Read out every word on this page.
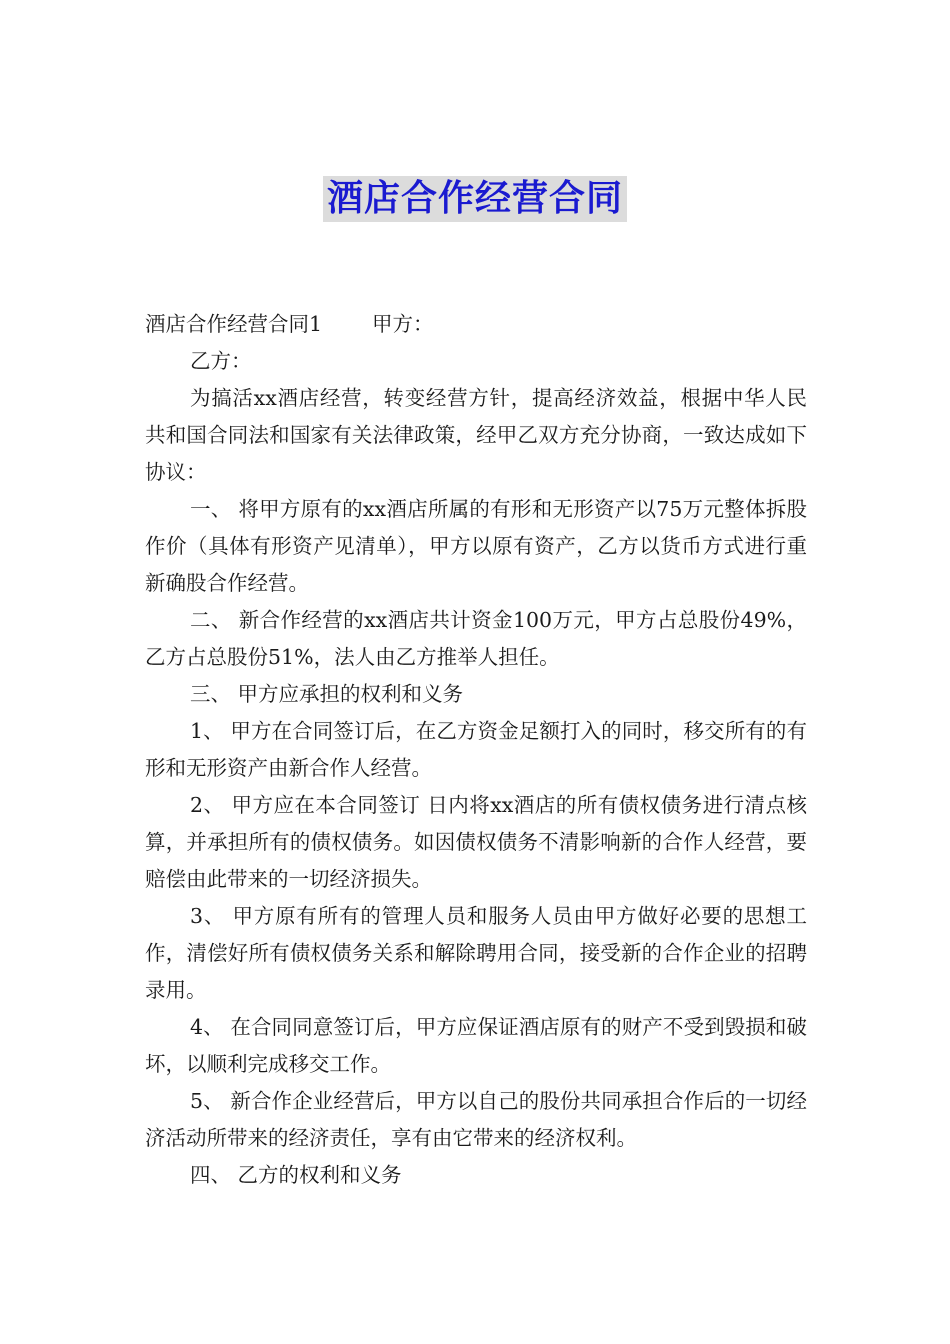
酒店合作经营合同

酒店合作经营合同1 甲方：

乙方：

为搞活xx酒店经营，转变经营方针，提高经济效益，根据中华人民共和国合同法和国家有关法律政策，经甲乙双方充分协商，一致达成如下协议：

一、 将甲方原有的xx酒店所属的有形和无形资产以75万元整体拆股作价（具体有形资产见清单），甲方以原有资产，乙方以货币方式进行重新确股合作经营。

二、 新合作经营的xx酒店共计资金100万元，甲方占总股份49%，乙方占总股份51%，法人由乙方推举人担任。

三、 甲方应承担的权利和义务

1、 甲方在合同签订后，在乙方资金足额打入的同时，移交所有的有形和无形资产由新合作人经营。

2、 甲方应在本合同签订 日内将xx酒店的所有债权债务进行清点核算，并承担所有的债权债务。如因债权债务不清影响新的合作人经营，要赔偿由此带来的一切经济损失。

3、 甲方原有所有的管理人员和服务人员由甲方做好必要的思想工作，清偿好所有债权债务关系和解除聘用合同，接受新的合作企业的招聘录用。

4、 在合同同意签订后，甲方应保证酒店原有的财产不受到毁损和破坏，以顺利完成移交工作。

5、 新合作企业经营后，甲方以自己的股份共同承担合作后的一切经济活动所带来的经济责任，享有由它带来的经济权利。

四、 乙方的权利和义务
